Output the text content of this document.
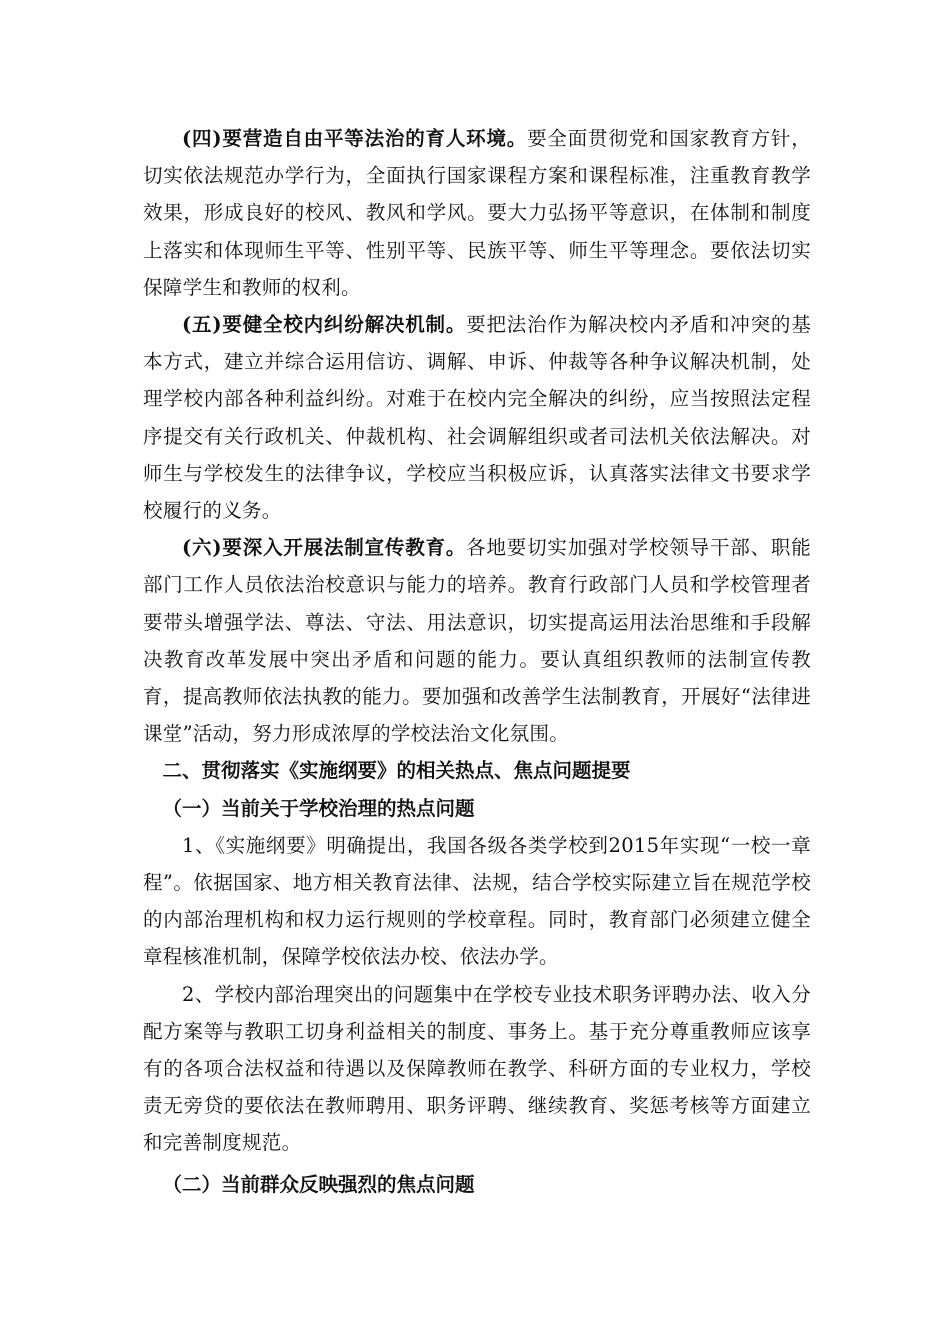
(四)要营造自由平等法治的育人环境。要全面贯彻党和国家教育方针，切实依法规范办学行为，全面执行国家课程方案和课程标准，注重教育教学效果，形成良好的校风、教风和学风。要大力弘扬平等意识，在体制和制度上落实和体现师生平等、性别平等、民族平等、师生平等理念。要依法切实保障学生和教师的权利。

(五)要健全校内纠纷解决机制。要把法治作为解决校内矛盾和冲突的基本方式，建立并综合运用信访、调解、申诉、仲裁等各种争议解决机制，处理学校内部各种利益纠纷。对难于在校内完全解决的纠纷，应当按照法定程序提交有关行政机关、仲裁机构、社会调解组织或者司法机关依法解决。对师生与学校发生的法律争议，学校应当积极应诉，认真落实法律文书要求学校履行的义务。

(六)要深入开展法制宣传教育。各地要切实加强对学校领导干部、职能部门工作人员依法治校意识与能力的培养。教育行政部门人员和学校管理者要带头增强学法、尊法、守法、用法意识，切实提高运用法治思维和手段解决教育改革发展中突出矛盾和问题的能力。要认真组织教师的法制宣传教育，提高教师依法执教的能力。要加强和改善学生法制教育，开展好“法律进课堂”活动，努力形成浓厚的学校法治文化氛围。

二、贯彻落实《实施纲要》的相关热点、焦点问题提要

（一）当前关于学校治理的热点问题

1、《实施纲要》明确提出，我国各级各类学校到2015年实现“一校一章程”。依据国家、地方相关教育法律、法规，结合学校实际建立旨在规范学校的内部治理机构和权力运行规则的学校章程。同时，教育部门必须建立健全章程核准机制，保障学校依法办校、依法办学。

2、学校内部治理突出的问题集中在学校专业技术职务评聘办法、收入分配方案等与教职工切身利益相关的制度、事务上。基于充分尊重教师应该享有的各项合法权益和待遇以及保障教师在教学、科研方面的专业权力，学校责无旁贷的要依法在教师聘用、职务评聘、继续教育、奖惩考核等方面建立和完善制度规范。

（二）当前群众反映强烈的焦点问题
